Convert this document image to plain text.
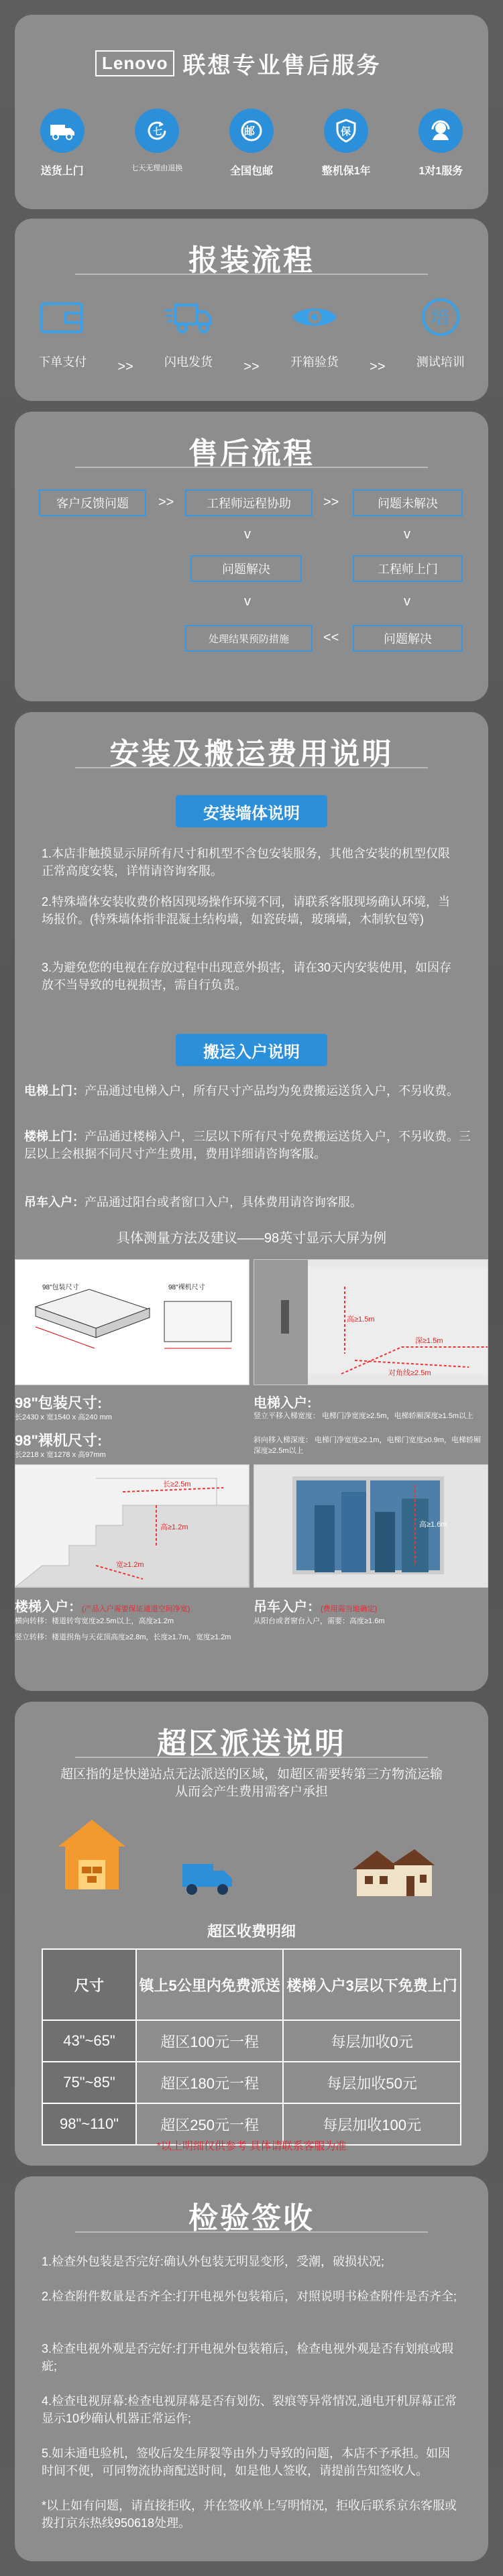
Lenovo 联想专业售后服务
送货上门
七
七天无理由退换
邮
全国包邮
保
整机保1年	1对1服务
报装流程
下单支付	>>	闪电发货	>>	开箱验货	>>
培
测试培训
售后流程
客户反馈问题	>>	工程师远程协助	>>	问题未解决
v	v
问题解决	工程师上门
v	v
处理结果预防措施	<<	问题解决
安装及搬运费用说明
安装墙体说明
1.本店非触摸显示屏所有尺寸和机型不含包安装服务，其他含安装的机型仅限正常高度安装，详情请咨询客服。
2.特殊墙体安装收费价格因现场操作环境不同，请联系客服现场确认环境，当场报价。(特殊墙体指非混凝土结构墙，如瓷砖墙，玻璃墙，木制软包等)
3.为避免您的电视在存放过程中出现意外损害，请在30天内安装使用，如因存放不当导致的电视损害，需自行负责。
搬运入户说明
电梯上门：产品通过电梯入户，所有尺寸产品均为免费搬运送货入户，不另收费。
楼梯上门：产品通过楼梯入户，三层以下所有尺寸免费搬运送货入户，不另收费。三层以上会根据不同尺寸产生费用，费用详细请咨询客服。
吊车入户：产品通过阳台或者窗口入户，具体费用请咨询客服。
具体测量方法及建议——98英寸显示大屏为例
98"包装尺寸	98"裸机尺寸
高≥1.5m
深≥1.5m
对角线≥2.5m
98"包装尺寸:
长2430 x 宽1540 x 高240 mm
98"裸机尺寸:
长2218 x 宽1278 x 高97mm
电梯入户:
竖立平移入梯宽度： 电梯门净宽度≥2.5m，电梯轿厢深度≥1.5m以上
斜向移入梯深度： 电梯门净宽度≥2.1m，电梯门宽度≥0.9m，电梯轿厢深度≥2.5m以上
长≥2.5m
高≥1.2m
宽≥1.2m
高≥1.6m
楼梯入户：(产品入户需要保证通道空间净宽)
横向转移：楼道转弯宽度≥2.5m以上，高度≥1.2m
竖立转移：楼道拐角与天花顶高度≥2.8m，长度≥1.7m，宽度≥1.2m
吊车入户：(费用需当地确定)
从阳台或者窗台入户，需要：高度≥1.6m
超区派送说明
超区指的是快递站点无法派送的区域，如超区需要转第三方物流运输从而会产生费用需客户承担
超区收费明细
尺寸	镇上5公里内免费派送	楼梯入户3层以下免费上门
43"~65"	超区100元一程	每层加收0元
75"~85"	超区180元一程	每层加收50元
98"~110"	超区250元一程	每层加收100元
*以上明细仅供参考 具体请联系客服为准
检验签收
1.检查外包装是否完好:确认外包装无明显变形，受潮，破损状况;
2.检查附件数量是否齐全:打开电视外包装箱后，对照说明书检查附件是否齐全;
3.检查电视外观是否完好:打开电视外包装箱后，检查电视外观是否有划痕或瑕疵;
4.检查电视屏幕:检查电视屏幕是否有划伤、裂痕等异常情况,通电开机屏幕正常显示10秒确认机器正常运作;
5.如未通电验机，签收后发生屏裂等由外力导致的问题，本店不予承担。如因时间不便，可同物流协商配送时间，如是他人签收，请提前告知签收人。
*以上如有问题，请直接拒收，并在签收单上写明情况，拒收后联系京东客服或拨打京东热线950618处理。
